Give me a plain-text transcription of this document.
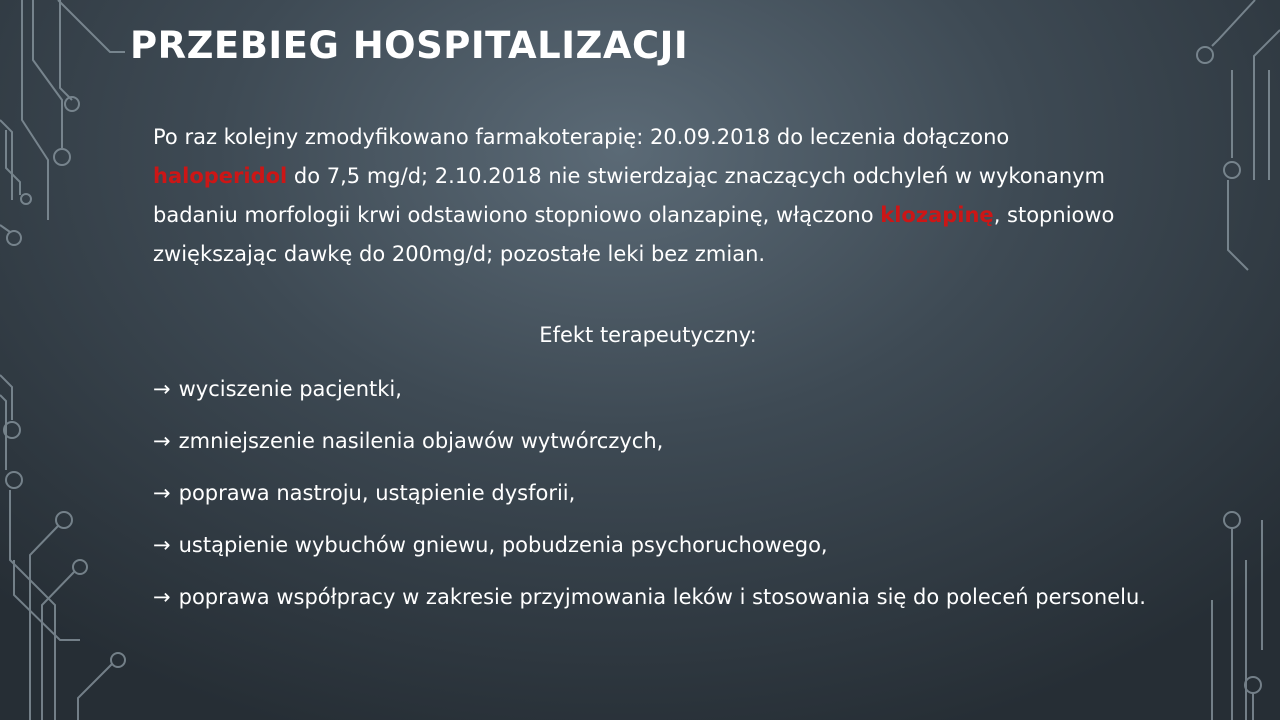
PRZEBIEG HOSPITALIZACJI
Po raz kolejny zmodyfikowano farmakoterapię: 20.09.2018 do leczenia dołączono haloperidol do 7,5 mg/d; 2.10.2018 nie stwierdzając znaczących odchyleń w wykonanym badaniu morfologii krwi odstawiono stopniowo olanzapinę, włączono klozapinę, stopniowo zwiększając dawkę do 200mg/d; pozostałe leki bez zmian.
Efekt terapeutyczny:
→ wyciszenie pacjentki,
→ zmniejszenie nasilenia objawów wytwórczych,
→ poprawa nastroju, ustąpienie dysforii,
→ ustąpienie wybuchów gniewu, pobudzenia psychoruchowego,
→ poprawa współpracy w zakresie przyjmowania leków i stosowania się do poleceń personelu.
